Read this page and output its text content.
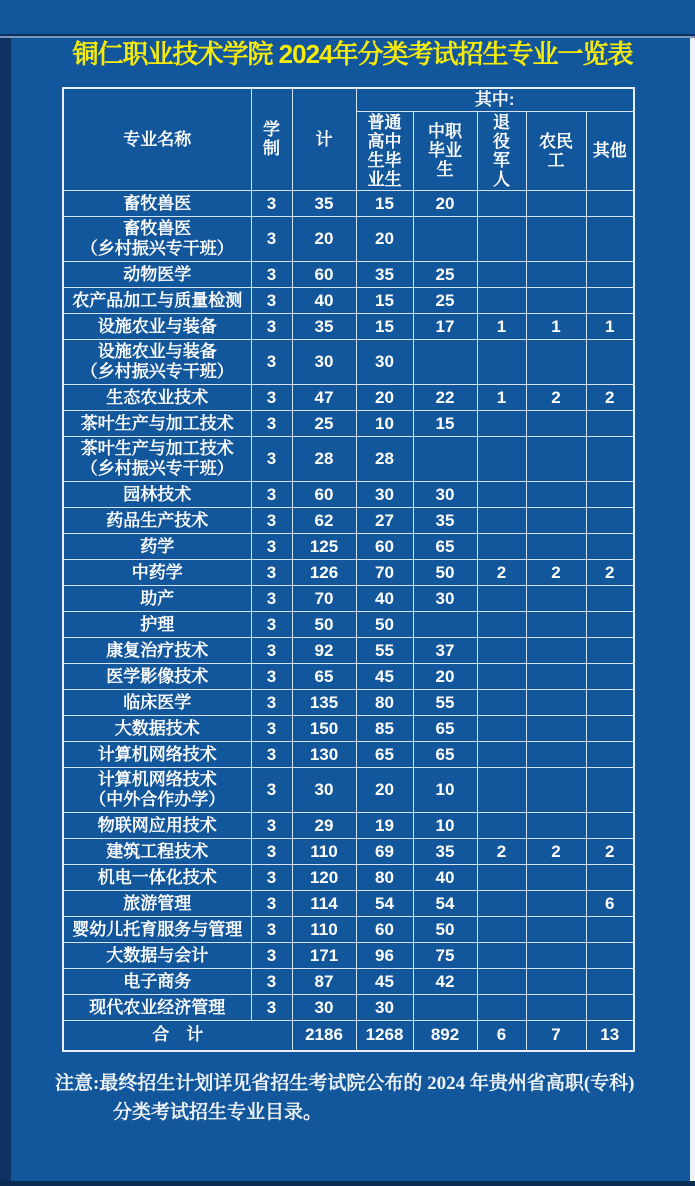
铜仁职业技术学院 2024年分类考试招生专业一览表
专业名称	学制	计	其中:				
			普通高中生毕业生	中职毕业生	退役军人	农民工	其他
畜牧兽医	3	35	15	20			
畜牧兽医
（乡村振兴专干班）	3	20	20				
动物医学	3	60	35	25			
农产品加工与质量检测	3	40	15	25			
设施农业与装备	3	35	15	17	1	1	1
设施农业与装备
（乡村振兴专干班）	3	30	30				
生态农业技术	3	47	20	22	1	2	2
茶叶生产与加工技术	3	25	10	15			
茶叶生产与加工技术
（乡村振兴专干班）	3	28	28				
园林技术	3	60	30	30			
药品生产技术	3	62	27	35			
药学	3	125	60	65			
中药学	3	126	70	50	2	2	2
助产	3	70	40	30			
护理	3	50	50				
康复治疗技术	3	92	55	37			
医学影像技术	3	65	45	20			
临床医学	3	135	80	55			
大数据技术	3	150	85	65			
计算机网络技术	3	130	65	65			
计算机网络技术
（中外合作办学）	3	30	20	10			
物联网应用技术	3	29	19	10			
建筑工程技术	3	110	69	35	2	2	2
机电一体化技术	3	120	80	40			
旅游管理	3	114	54	54			6
婴幼儿托育服务与管理	3	110	60	50			
大数据与会计	3	171	96	75			
电子商务	3	87	45	42			
现代农业经济管理	3	30	30				
合　计		2186	1268	892	6	7	13

注意:最终招生计划详见省招生考试院公布的 2024 年贵州省高职(专科)
分类考试招生专业目录。
